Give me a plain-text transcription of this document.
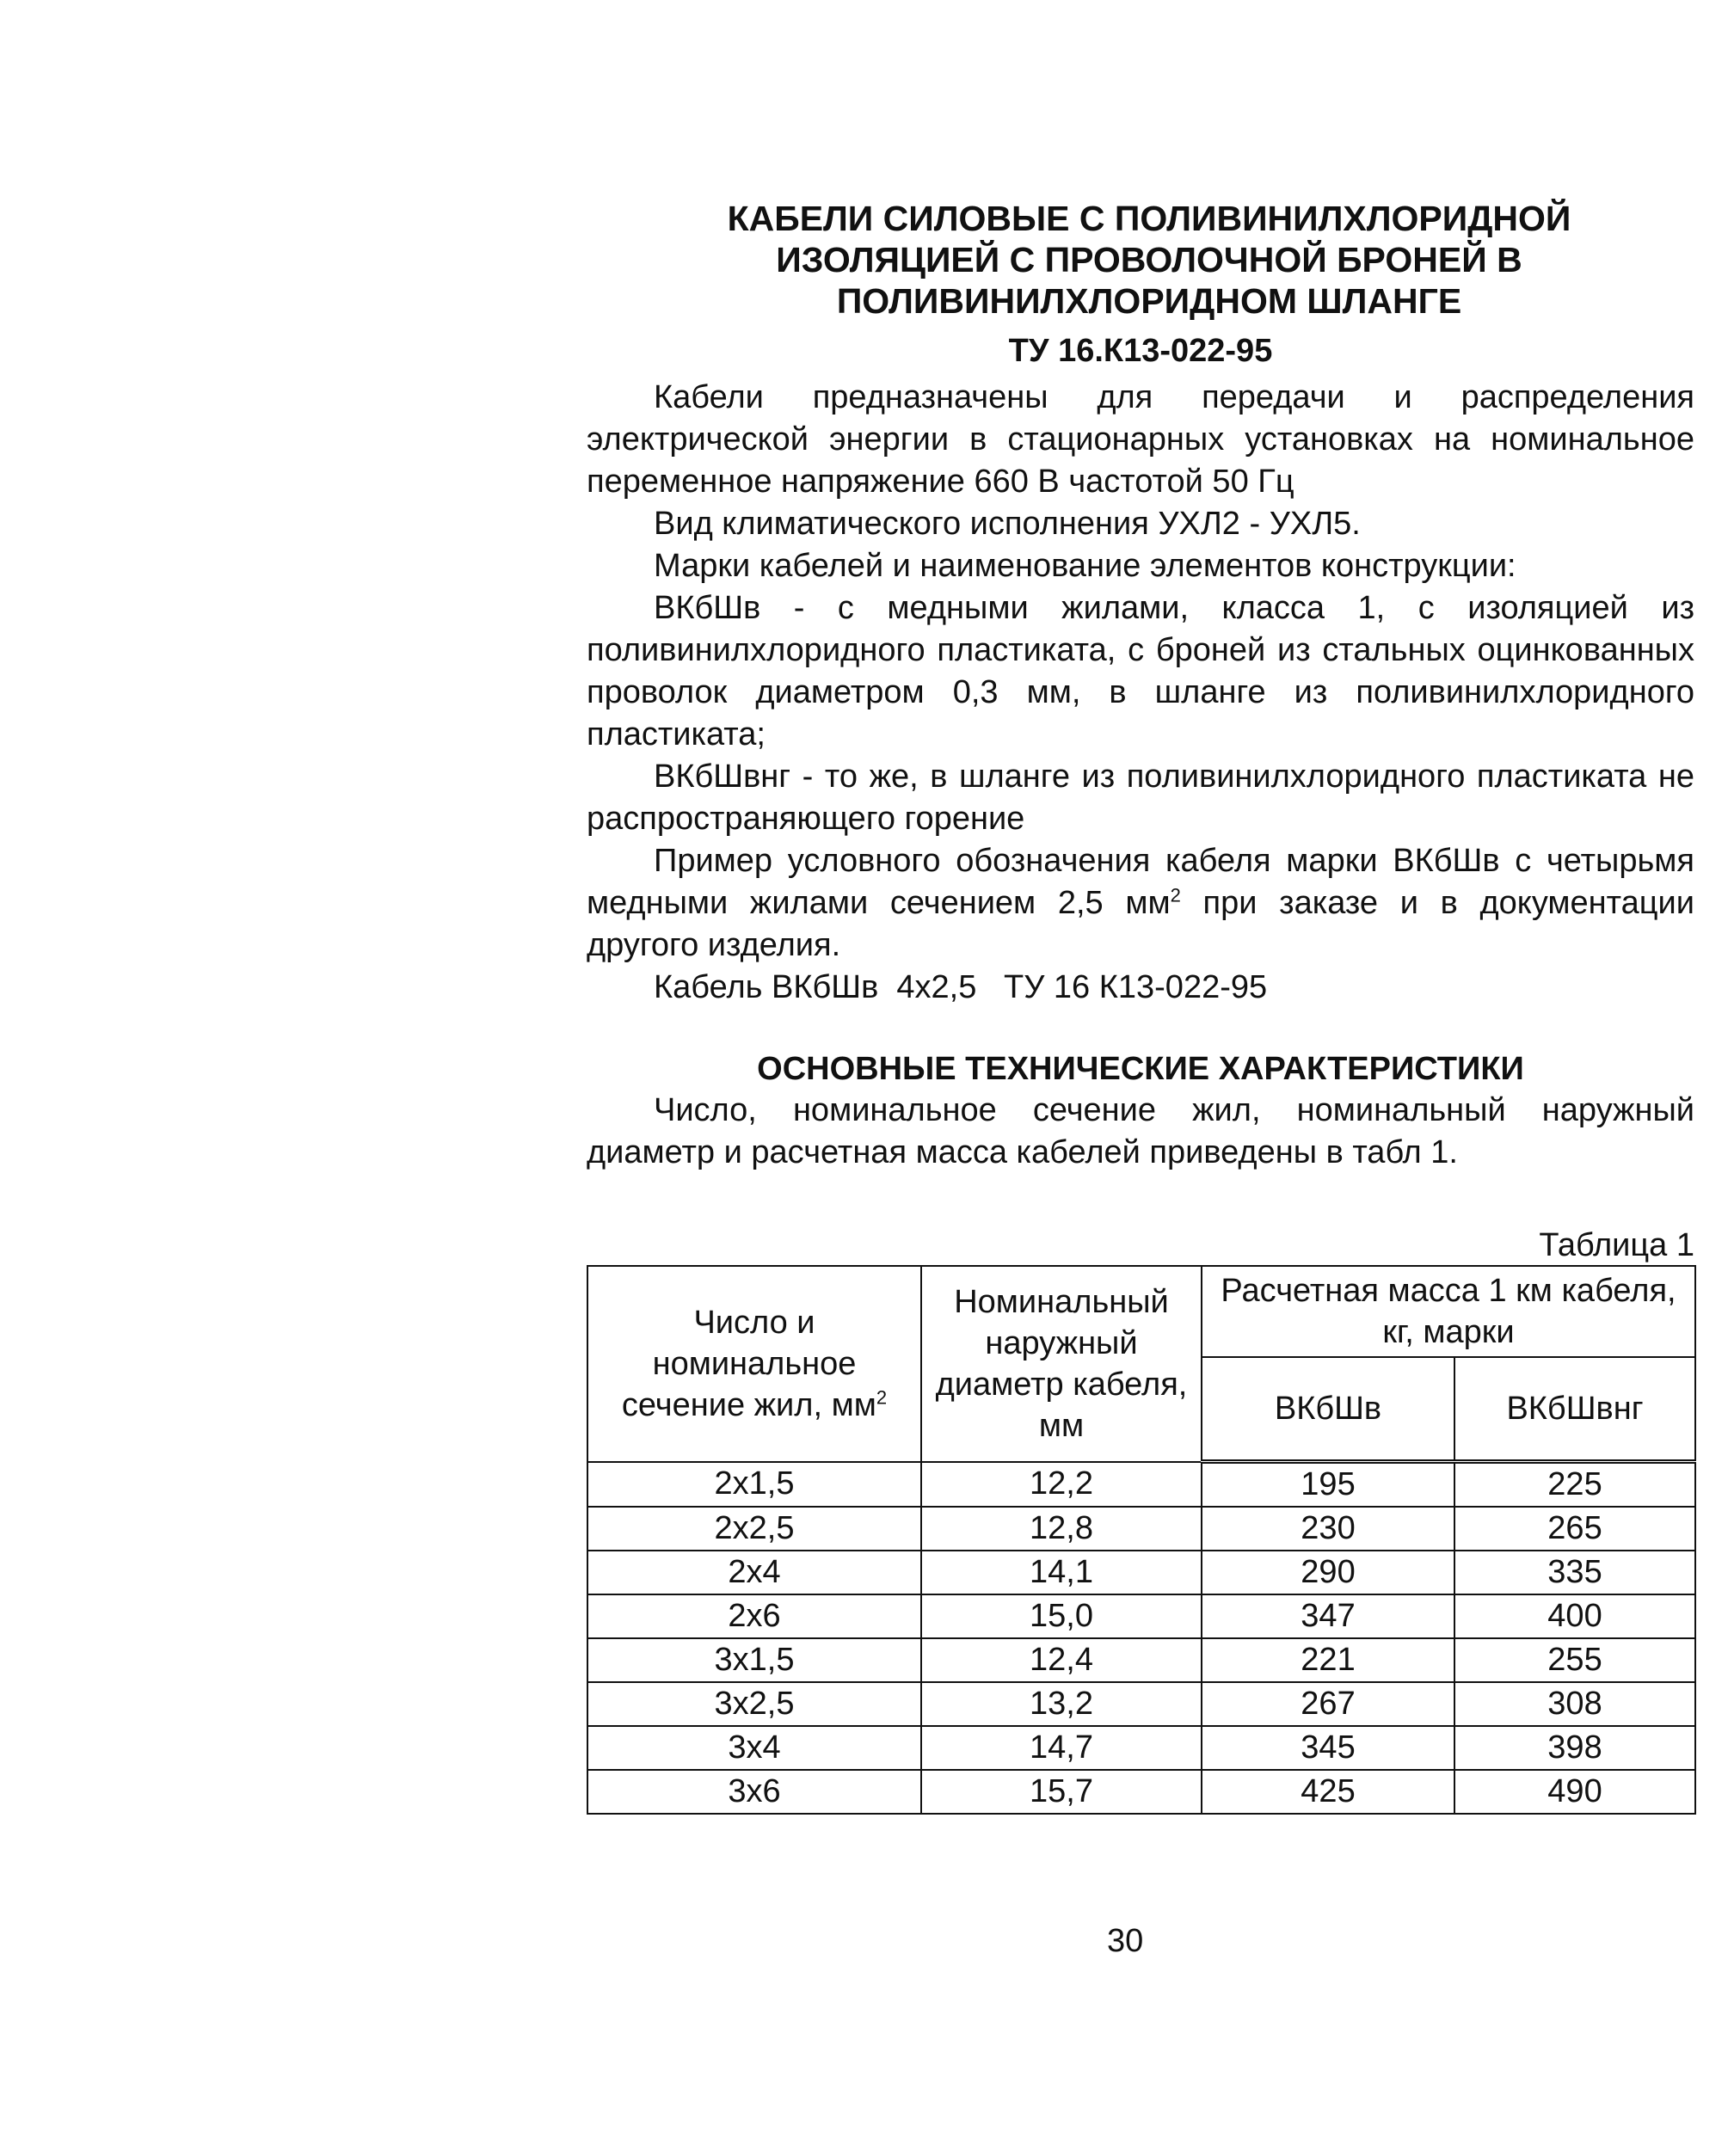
КАБЕЛИ СИЛОВЫЕ С ПОЛИВИНИЛХЛОРИДНОЙ
ИЗОЛЯЦИЕЙ С ПРОВОЛОЧНОЙ БРОНЕЙ В
ПОЛИВИНИЛХЛОРИДНОМ ШЛАНГЕ
ТУ 16.К13-022-95

Кабели предназначены для передачи и распределения электрической энергии в стационарных установках на номинальное переменное напряжение 660 В частотой 50 Гц

Вид климатического исполнения УХЛ2 - УХЛ5.

Марки кабелей и наименование элементов конструкции:

ВКбШв - с медными жилами, класса 1, с изоляцией из поливинилхлоридного пластиката, с броней из стальных оцинкованных проволок диаметром 0,3 мм, в шланге из поливинилхлоридного пластиката;

ВКбШвнг - то же, в шланге из поливинилхлоридного пластиката не распространяющего горение

Пример условного обозначения кабеля марки ВКбШв с четырьмя медными жилами сечением 2,5 $мм^2$ при заказе и в документации другого изделия.

Кабель ВКбШв  4х2,5   ТУ 16 К13-022-95

ОСНОВНЫЕ ТЕХНИЧЕСКИЕ ХАРАКТЕРИСТИКИ

Число, номинальное сечение жил, номинальный наружный диаметр и расчетная масса кабелей приведены в табл 1.

Таблица 1
Число и номинальное сечение жил, $мм^2$	Номинальный наружный диаметр кабеля, мм	Расчетная масса 1 км кабеля, кг, марки	
		ВКбШв	ВКбШвнг
2х1,5	12,2	195	225
2х2,5	12,8	230	265
2х4	14,1	290	335
2х6	15,0	347	400
3х1,5	12,4	221	255
3х2,5	13,2	267	308
3х4	14,7	345	398
3х6	15,7	425	490
30
